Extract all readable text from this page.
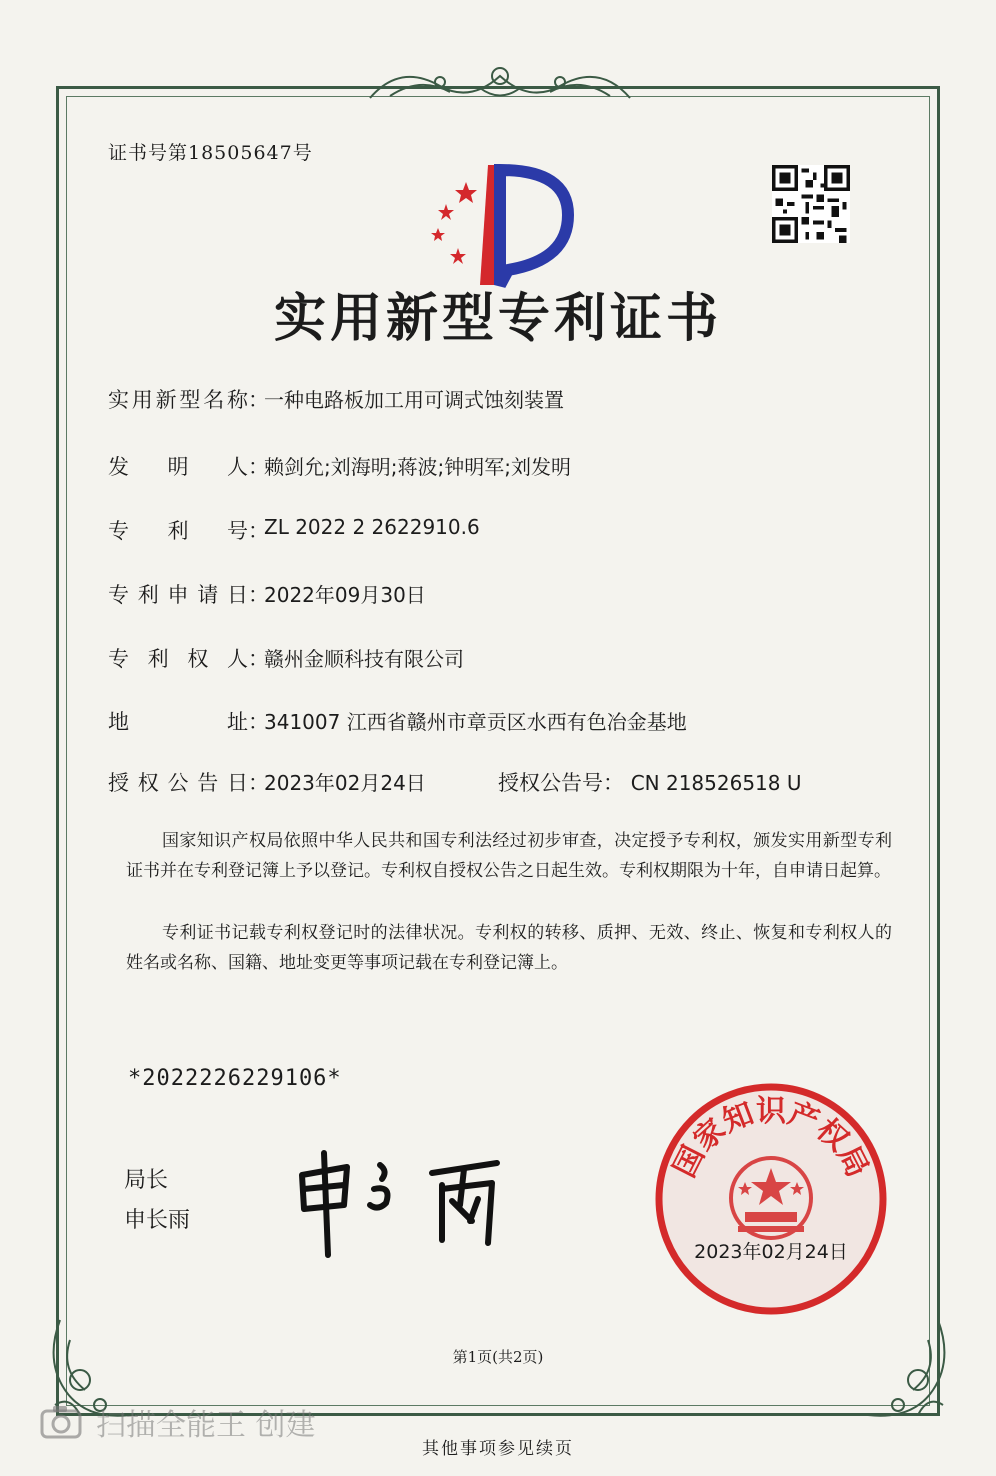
证书号第18505647号
实用新型专利证书
实用新型名称 ：
一种电路板加工用可调式蚀刻装置
发明人 ：
赖剑允;刘海明;蒋波;钟明军;刘发明
专利号 ：
ZL 2022 2 2622910.6
专利申请日 ：
2022年09月30日
专利权人 ：
赣州金顺科技有限公司
地址 ：
341007 江西省赣州市章贡区水西有色冶金基地
授权公告日 ：
2023年02月24日	授权公告号： CN 218526518 U
国家知识产权局依照中华人民共和国专利法经过初步审查，决定授予专利权，颁发实用新型专利证书并在专利登记簿上予以登记。专利权自授权公告之日起生效。专利权期限为十年，自申请日起算。
专利证书记载专利权登记时的法律状况。专利权的转移、质押、无效、终止、恢复和专利权人的姓名或名称、国籍、地址变更等事项记载在专利登记簿上。
*2022226229106*
局长
申长雨
国家知识产权局
2023年02月24日
第1页(共2页)
其他事项参见续页
扫描全能王 创建
